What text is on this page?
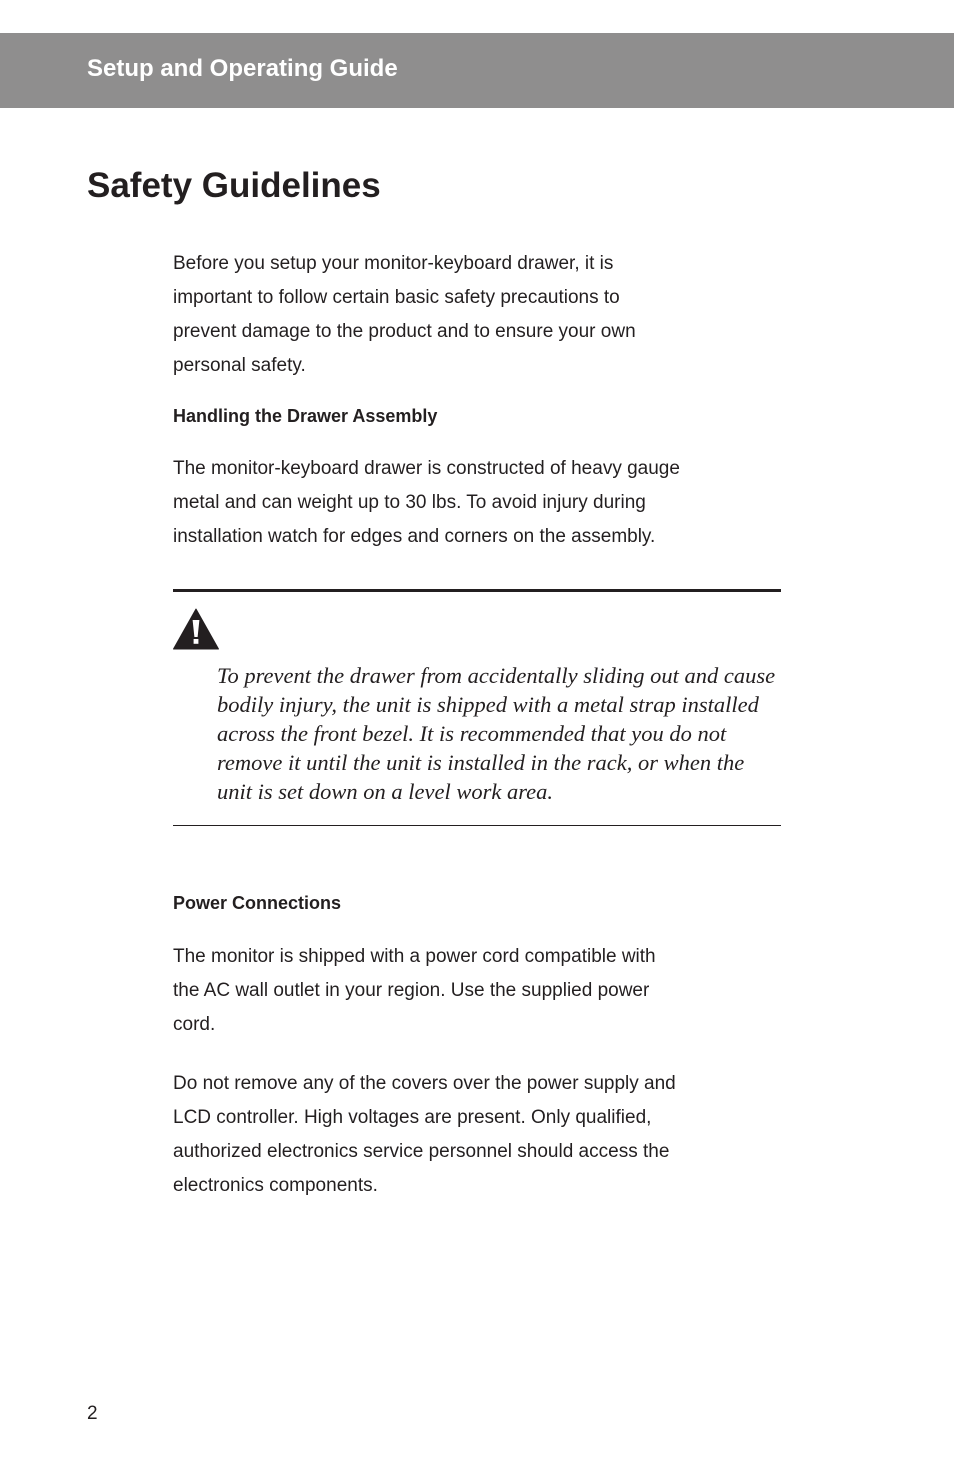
Setup and Operating Guide
Safety Guidelines

Before you setup your monitor-keyboard drawer, it is

important to follow certain basic safety precautions to

prevent damage to the product and to ensure your own

personal safety.

Handling the Drawer Assembly

The monitor-keyboard drawer is constructed of heavy gauge

metal and can weight up to 30 lbs. To avoid injury during

installation watch for edges and corners on the assembly.

To prevent the drawer from accidentally sliding out and cause
bodily injury, the unit is shipped with a metal strap installed
across the front bezel. It is recommended that you do not
remove it until the unit is installed in the rack, or when the
unit is set down on a level work area.
Power Connections

The monitor is shipped with a power cord compatible with

the AC wall outlet in your region. Use the supplied power

cord.

Do not remove any of the covers over the power supply and

LCD controller. High voltages are present. Only qualified,

authorized electronics service personnel should access the

electronics components.

2
